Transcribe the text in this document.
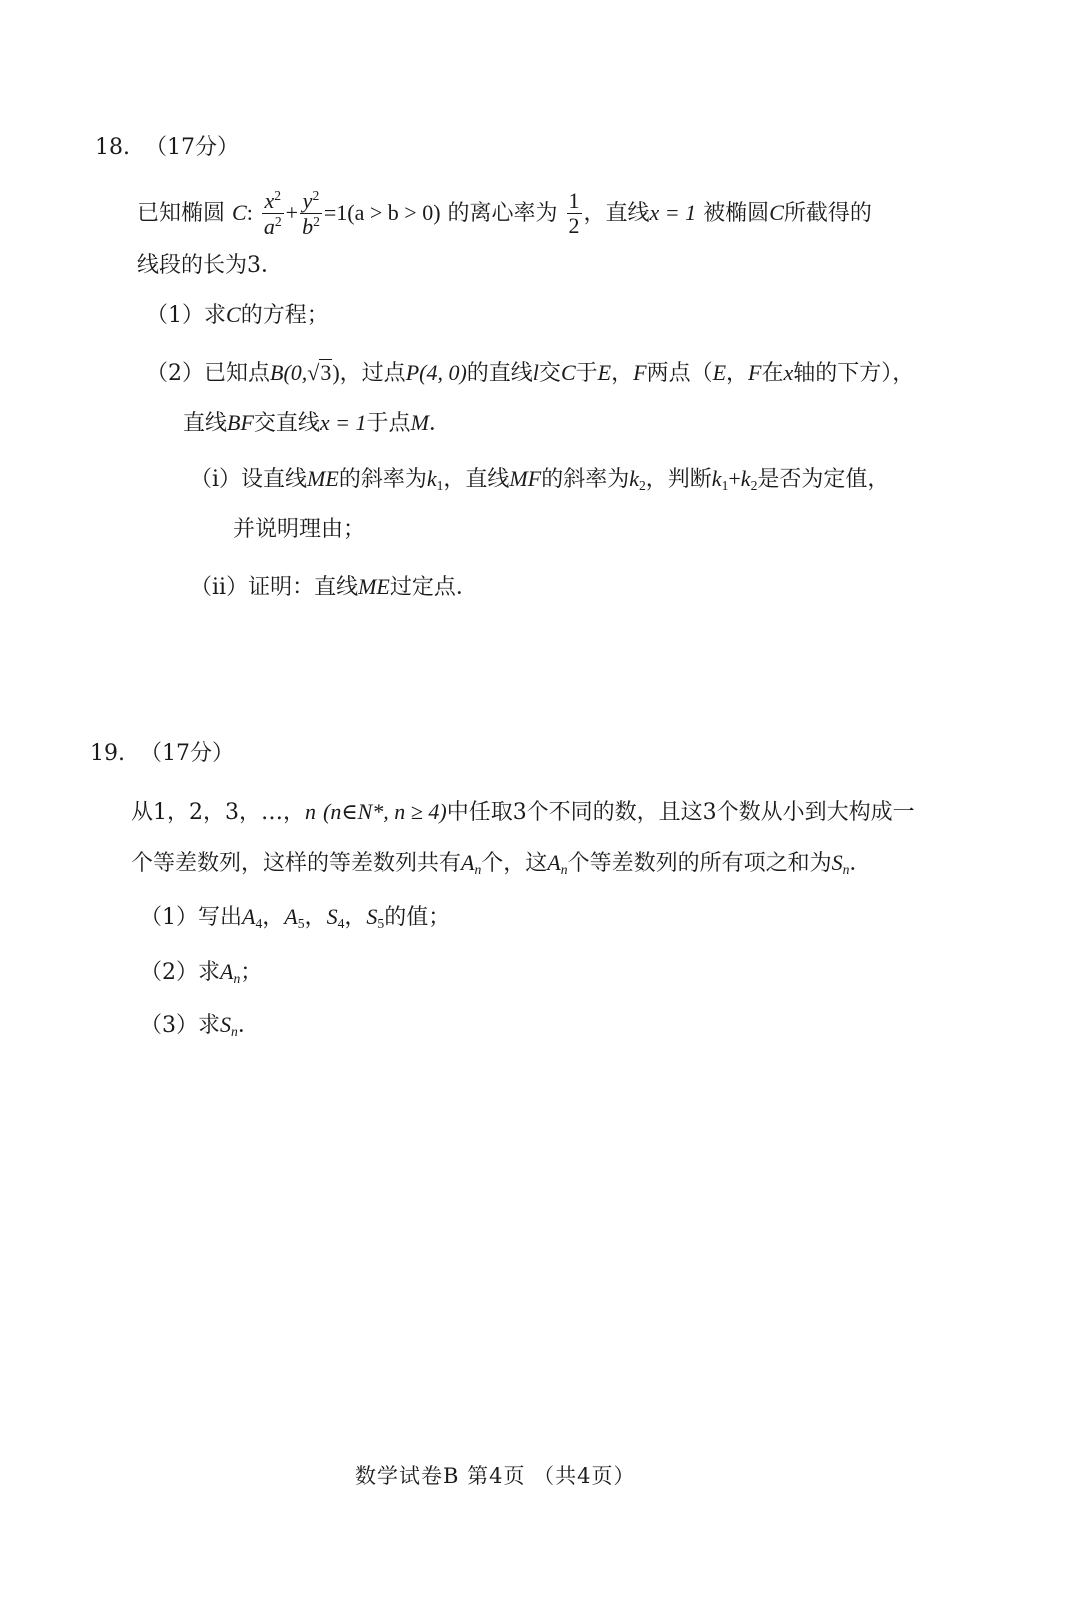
18. （17分）
已知椭圆 C: $\frac{x^2}{a^2} + \frac{y^2}{b^2} =1(a > b > 0)$ 的离心率为 $\frac{1}{2}$ ，直线x = 1 被椭圆C所截得的
线段的长为3．
（1）求C的方程；
（2）已知点B(0,√3)，过点P(4, 0)的直线l交C于E，F两点（E，F在x轴的下方），
直线BF交直线x = 1于点M．
（i）设直线ME的斜率为$k_1$，直线MF的斜率为$k_2$，判断$k_1+k_2$是否为定值，
并说明理由；
（ii）证明：直线ME过定点．
19. （17分）
从1，2，3，…，n (n∈N*, n ≥ 4)中任取3个不同的数，且这3个数从小到大构成一
个等差数列，这样的等差数列共有$A_n$个，这$A_n$个等差数列的所有项之和为$S_n$．
（1）写出$A_4$，$A_5$，$S_4$，$S_5$的值；
（2）求$A_n$；
（3）求$S_n$．
数学试卷B 第4页 （共4页）
